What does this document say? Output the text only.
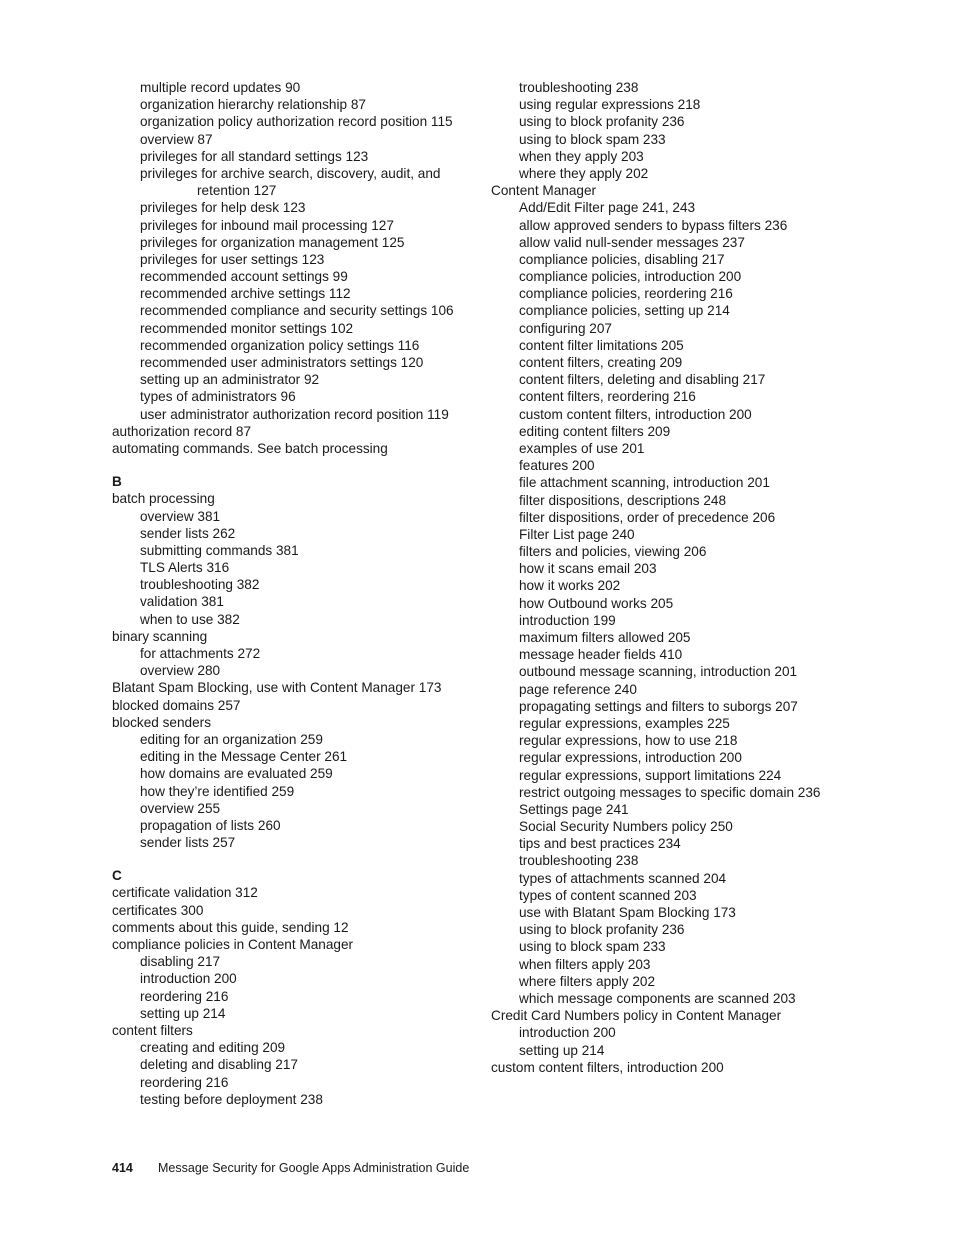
multiple record updates 90
organization hierarchy relationship 87
organization policy authorization record position 115
overview 87
privileges for all standard settings 123
privileges for archive search, discovery, audit, and
retention 127
privileges for help desk 123
privileges for inbound mail processing 127
privileges for organization management 125
privileges for user settings 123
recommended account settings 99
recommended archive settings 112
recommended compliance and security settings 106
recommended monitor settings 102
recommended organization policy settings 116
recommended user administrators settings 120
setting up an administrator 92
types of administrators 96
user administrator authorization record position 119
authorization record 87
automating commands. See batch processing
B
batch processing
overview 381
sender lists 262
submitting commands 381
TLS Alerts 316
troubleshooting 382
validation 381
when to use 382
binary scanning
for attachments 272
overview 280
Blatant Spam Blocking, use with Content Manager 173
blocked domains 257
blocked senders
editing for an organization 259
editing in the Message Center 261
how domains are evaluated 259
how they’re identified 259
overview 255
propagation of lists 260
sender lists 257
C
certificate validation 312
certificates 300
comments about this guide, sending 12
compliance policies in Content Manager
disabling 217
introduction 200
reordering 216
setting up 214
content filters
creating and editing 209
deleting and disabling 217
reordering 216
testing before deployment 238
troubleshooting 238
using regular expressions 218
using to block profanity 236
using to block spam 233
when they apply 203
where they apply 202
Content Manager
Add/Edit Filter page 241, 243
allow approved senders to bypass filters 236
allow valid null-sender messages 237
compliance policies, disabling 217
compliance policies, introduction 200
compliance policies, reordering 216
compliance policies, setting up 214
configuring 207
content filter limitations 205
content filters, creating 209
content filters, deleting and disabling 217
content filters, reordering 216
custom content filters, introduction 200
editing content filters 209
examples of use 201
features 200
file attachment scanning, introduction 201
filter dispositions, descriptions 248
filter dispositions, order of precedence 206
Filter List page 240
filters and policies, viewing 206
how it scans email 203
how it works 202
how Outbound works 205
introduction 199
maximum filters allowed 205
message header fields 410
outbound message scanning, introduction 201
page reference 240
propagating settings and filters to suborgs 207
regular expressions, examples 225
regular expressions, how to use 218
regular expressions, introduction 200
regular expressions, support limitations 224
restrict outgoing messages to specific domain 236
Settings page 241
Social Security Numbers policy 250
tips and best practices 234
troubleshooting 238
types of attachments scanned 204
types of content scanned 203
use with Blatant Spam Blocking 173
using to block profanity 236
using to block spam 233
when filters apply 203
where filters apply 202
which message components are scanned 203
Credit Card Numbers policy in Content Manager
introduction 200
setting up 214
custom content filters, introduction 200
414 Message Security for Google Apps Administration Guide
